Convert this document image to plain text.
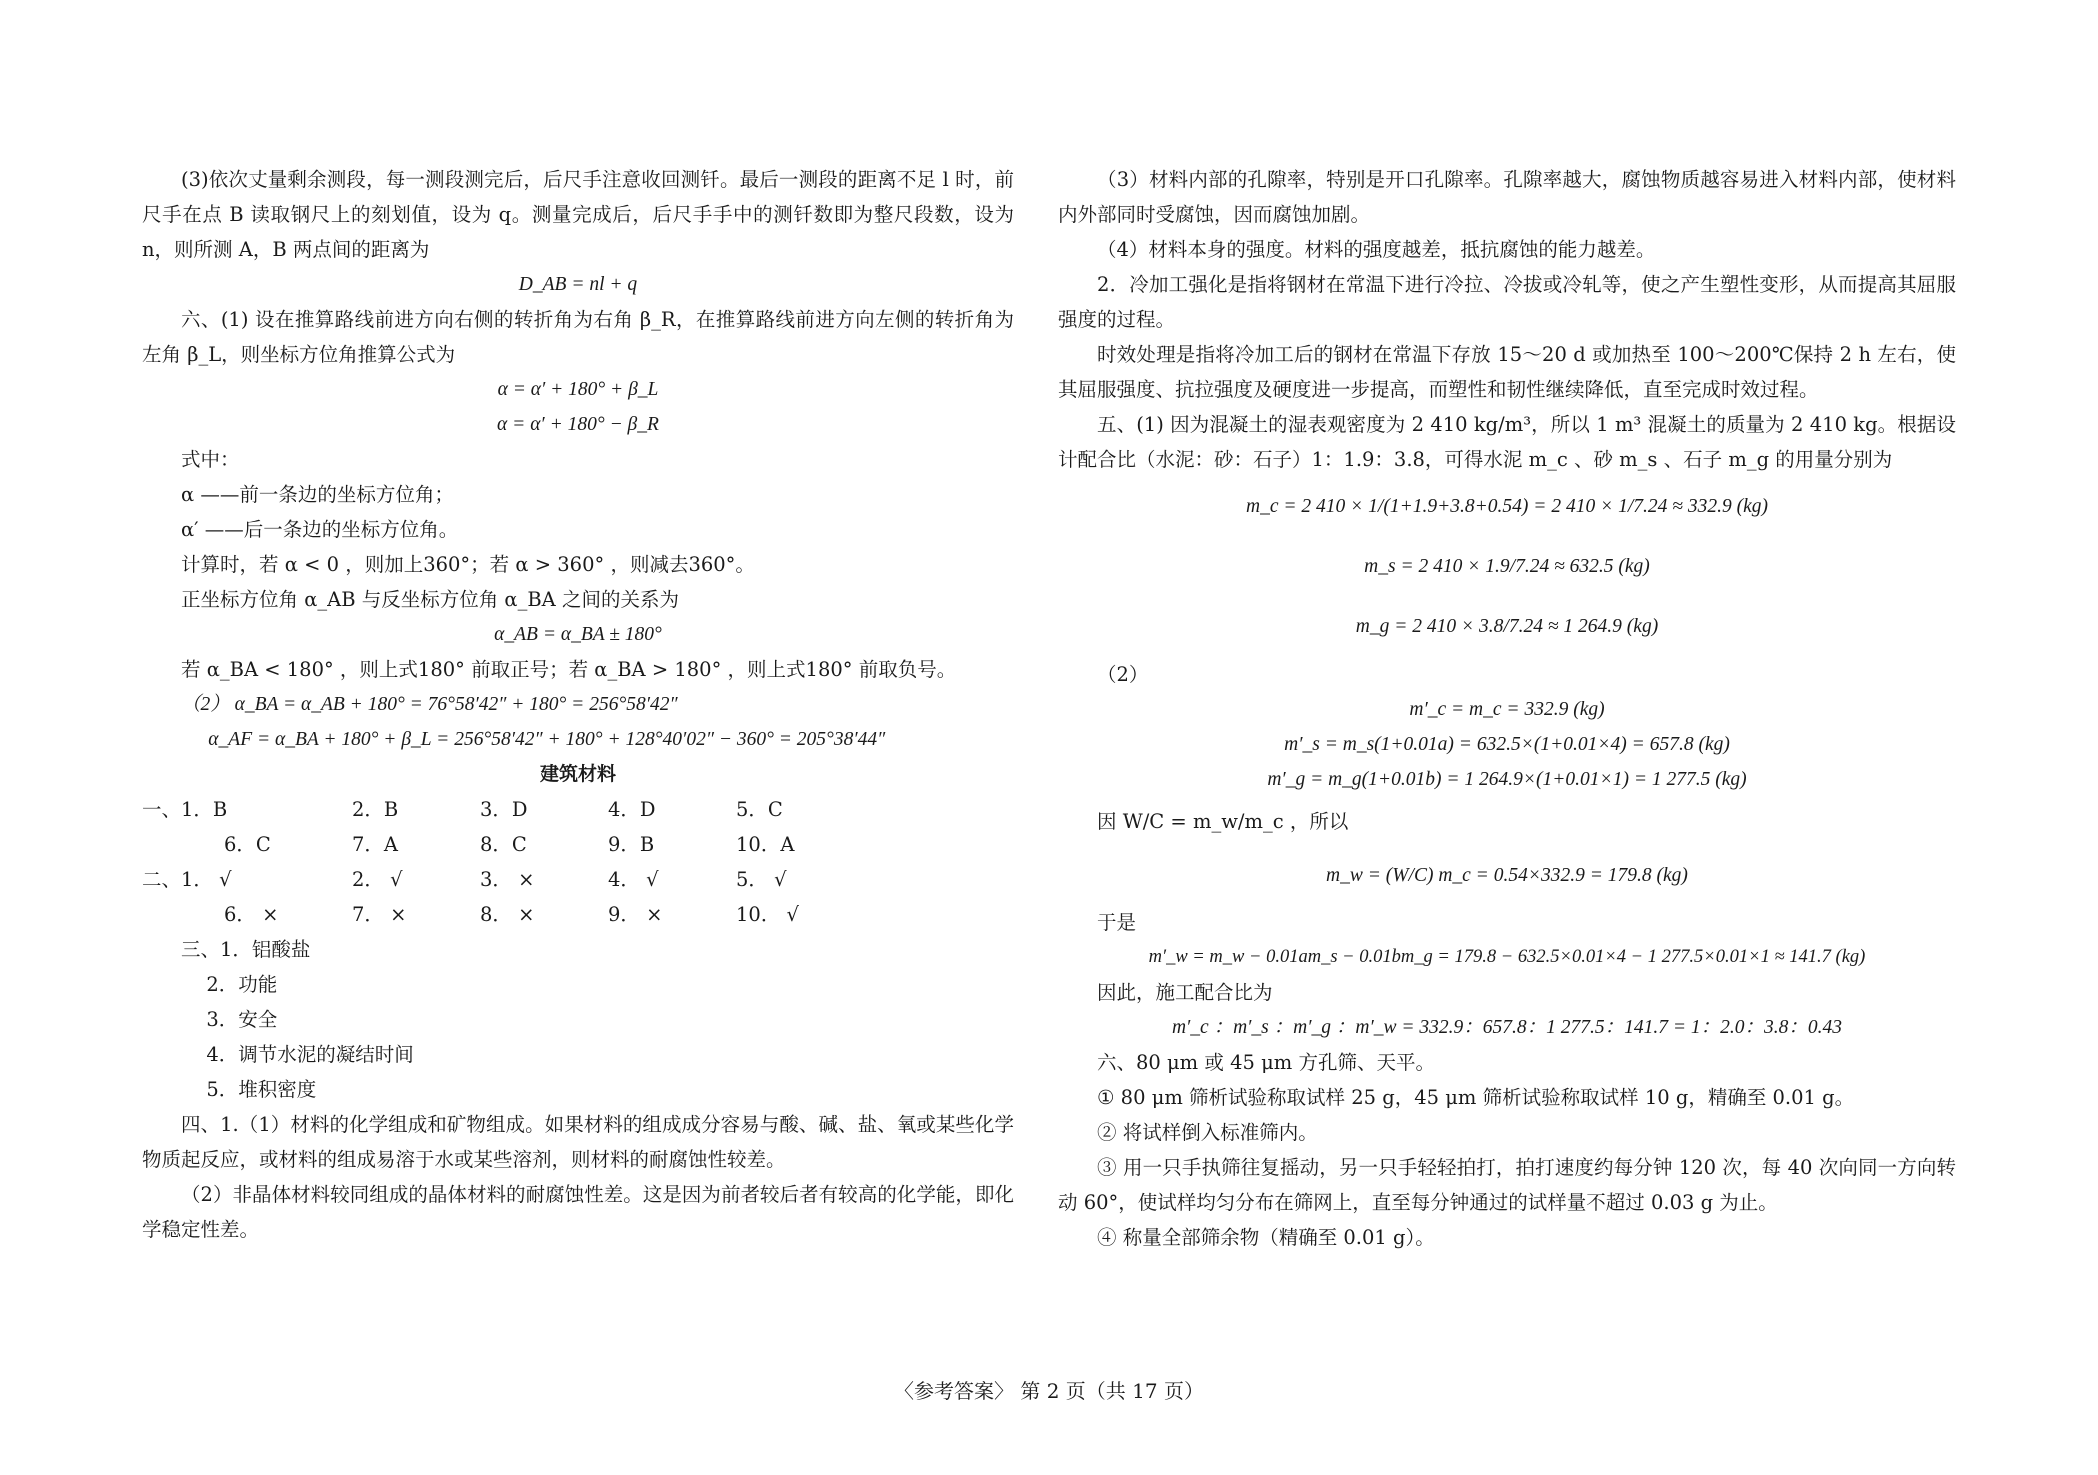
(3)依次丈量剩余测段，每一测段测完后，后尺手注意收回测钎。最后一测段的距离不足 l 时，前尺手在点 B 读取钢尺上的刻划值，设为 q。测量完成后，后尺手手中的测钎数即为整尺段数，设为 n，则所测 A，B 两点间的距离为

D_AB = nl + q

六、(1) 设在推算路线前进方向右侧的转折角为右角 β_R，在推算路线前进方向左侧的转折角为左角 β_L，则坐标方位角推算公式为

α = α′ + 180° + β_L

α = α′ + 180° − β_R

式中：

α ——前一条边的坐标方位角；

α′ ——后一条边的坐标方位角。

计算时，若 α < 0 ，则加上360°；若 α > 360° ，则减去360°。

正坐标方位角 α_AB 与反坐标方位角 α_BA 之间的关系为

α_AB = α_BA ± 180°

若 α_BA < 180° ，则上式180° 前取正号；若 α_BA > 180° ，则上式180° 前取负号。

（2） α_BA = α_AB + 180° = 76°58′42″ + 180° = 256°58′42″

α_AF = α_BA + 180° + β_L = 256°58′42″ + 180° + 128°40′02″ − 360° = 205°38′44″

建筑材料

一、1．B	2．B	3．D	4．D	5．C
6．C	7．A	8．C	9．B	10．A
二、1． √	2． √	3． ×	4． √	5． √
6． ×	7． ×	8． ×	9． ×	10． √

三、1．铝酸盐

2．功能

3．安全

4．调节水泥的凝结时间

5．堆积密度

四、1.（1）材料的化学组成和矿物组成。如果材料的组成成分容易与酸、碱、盐、氧或某些化学物质起反应，或材料的组成易溶于水或某些溶剂，则材料的耐腐蚀性较差。

（2）非晶体材料较同组成的晶体材料的耐腐蚀性差。这是因为前者较后者有较高的化学能，即化学稳定性差。

（3）材料内部的孔隙率，特别是开口孔隙率。孔隙率越大，腐蚀物质越容易进入材料内部，使材料内外部同时受腐蚀，因而腐蚀加剧。

（4）材料本身的强度。材料的强度越差，抵抗腐蚀的能力越差。

2．冷加工强化是指将钢材在常温下进行冷拉、冷拔或冷轧等，使之产生塑性变形，从而提高其屈服强度的过程。

时效处理是指将冷加工后的钢材在常温下存放 15～20 d 或加热至 100～200℃保持 2 h 左右，使其屈服强度、抗拉强度及硬度进一步提高，而塑性和韧性继续降低，直至完成时效过程。

五、(1) 因为混凝土的湿表观密度为 2 410 kg/m³，所以 1 m³ 混凝土的质量为 2 410 kg。根据设计配合比（水泥：砂：石子）1：1.9：3.8，可得水泥 m_c 、砂 m_s 、石子 m_g 的用量分别为

m_c = 2 410 × 1/(1+1.9+3.8+0.54) = 2 410 × 1/7.24 ≈ 332.9 (kg)

m_s = 2 410 × 1.9/7.24 ≈ 632.5 (kg)

m_g = 2 410 × 3.8/7.24 ≈ 1 264.9 (kg)

（2）

m′_c = m_c = 332.9 (kg)

m′_s = m_s(1+0.01a) = 632.5×(1+0.01×4) = 657.8 (kg)

m′_g = m_g(1+0.01b) = 1 264.9×(1+0.01×1) = 1 277.5 (kg)

因 W/C = m_w/m_c ，所以

m_w = (W/C) m_c = 0.54×332.9 = 179.8 (kg)

于是

m′_w = m_w − 0.01am_s − 0.01bm_g = 179.8 − 632.5×0.01×4 − 1 277.5×0.01×1 ≈ 141.7 (kg)

因此，施工配合比为

m′_c ：m′_s ：m′_g ：m′_w = 332.9：657.8：1 277.5：141.7 = 1：2.0：3.8：0.43

六、80 μm 或 45 μm 方孔筛、天平。

① 80 μm 筛析试验称取试样 25 g，45 μm 筛析试验称取试样 10 g，精确至 0.01 g。

② 将试样倒入标准筛内。

③ 用一只手执筛往复摇动，另一只手轻轻拍打，拍打速度约每分钟 120 次，每 40 次向同一方向转动 60°，使试样均匀分布在筛网上，直至每分钟通过的试样量不超过 0.03 g 为止。

④ 称量全部筛余物（精确至 0.01 g）。

〈参考答案〉 第 2 页（共 17 页）
